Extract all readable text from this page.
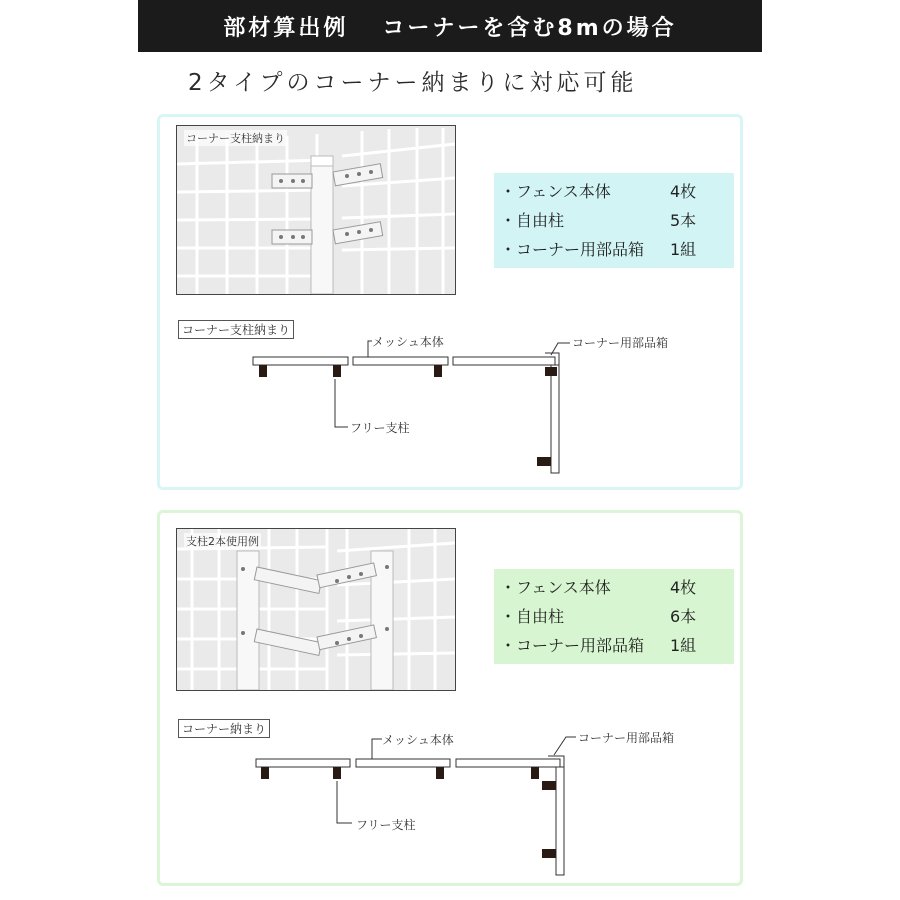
部材算出例 コーナーを含む8mの場合
2タイプのコーナー納まりに対応可能
コーナー支柱納まり
・フェンス本体	4枚
・自由柱	5本
・コーナー用部品箱	1組
コーナー支柱納まり
メッシュ本体	コーナー用部品箱
フリー支柱
支柱2本使用例
・フェンス本体	4枚
・自由柱	6本
・コーナー用部品箱	1組
コーナー納まり
メッシュ本体	コーナー用部品箱
フリー支柱
